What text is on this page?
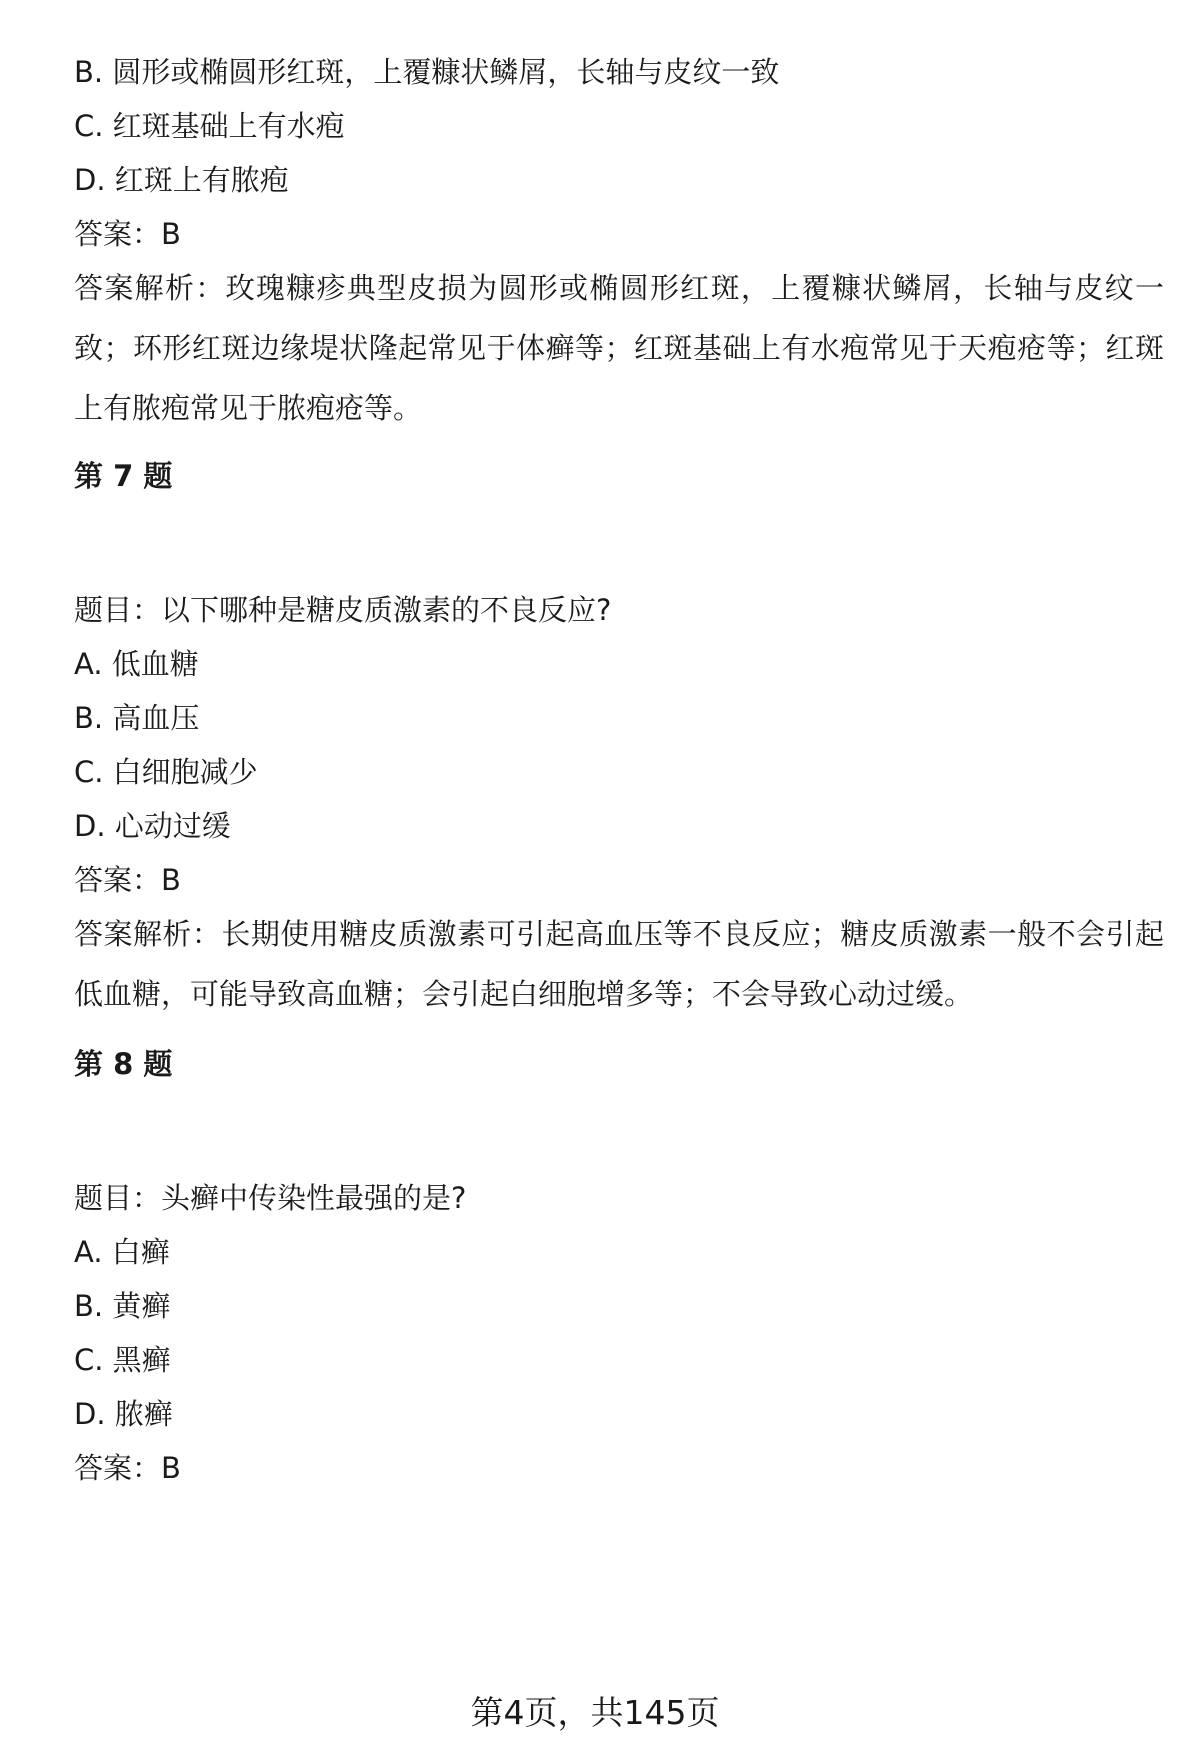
B. 圆形或椭圆形红斑，上覆糠状鳞屑，长轴与皮纹一致
C. 红斑基础上有水疱
D. 红斑上有脓疱
答案：B
答案解析：玫瑰糠疹典型皮损为圆形或椭圆形红斑，上覆糠状鳞屑，长轴与皮纹一致；环形红斑边缘堤状隆起常见于体癣等；红斑基础上有水疱常见于天疱疮等；红斑上有脓疱常见于脓疱疮等。
第 7 题
题目：以下哪种是糖皮质激素的不良反应?
A. 低血糖
B. 高血压
C. 白细胞减少
D. 心动过缓
答案：B
答案解析：长期使用糖皮质激素可引起高血压等不良反应；糖皮质激素一般不会引起低血糖，可能导致高血糖；会引起白细胞增多等；不会导致心动过缓。
第 8 题
题目：头癣中传染性最强的是?
A. 白癣
B. 黄癣
C. 黑癣
D. 脓癣
答案：B
第4页，共145页
